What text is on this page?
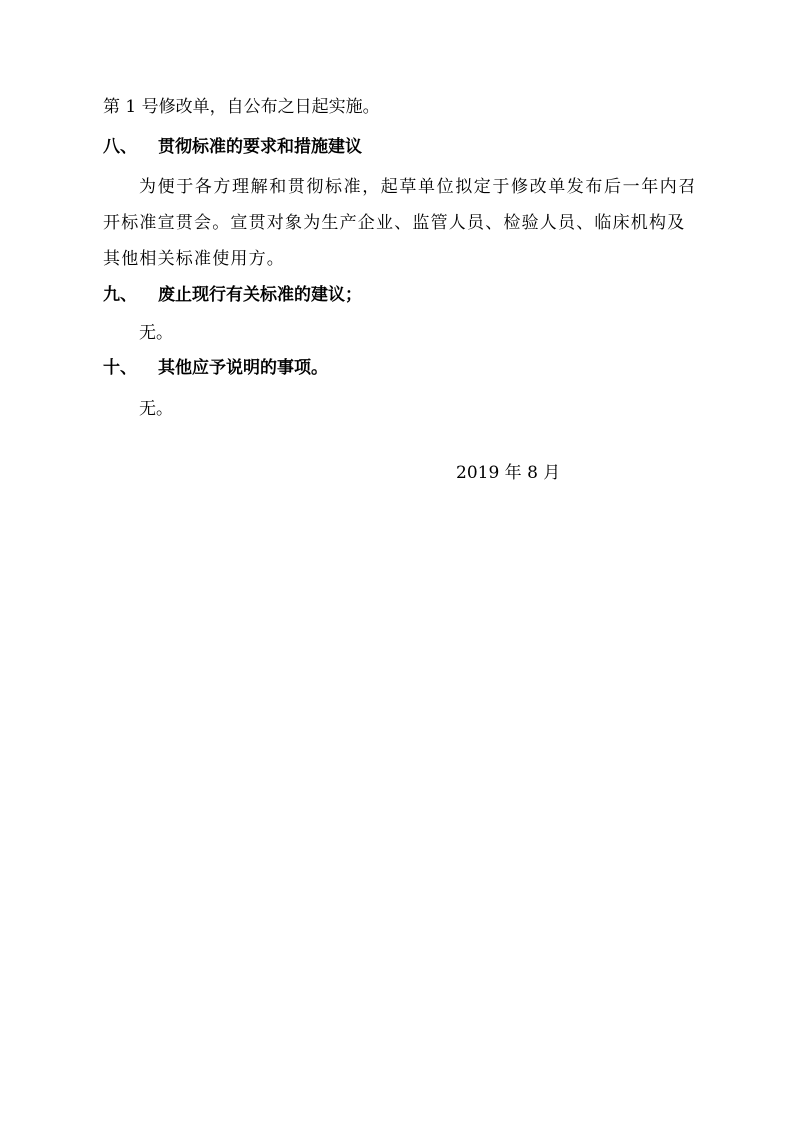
第 1 号修改单，自公布之日起实施。
八、 贯彻标准的要求和措施建议
为便于各方理解和贯彻标准，起草单位拟定于修改单发布后一年内召
开标准宣贯会。宣贯对象为生产企业、监管人员、检验人员、临床机构及
其他相关标准使用方。
九、 废止现行有关标准的建议；
无。
十、 其他应予说明的事项。
无。
2019 年 8 月
